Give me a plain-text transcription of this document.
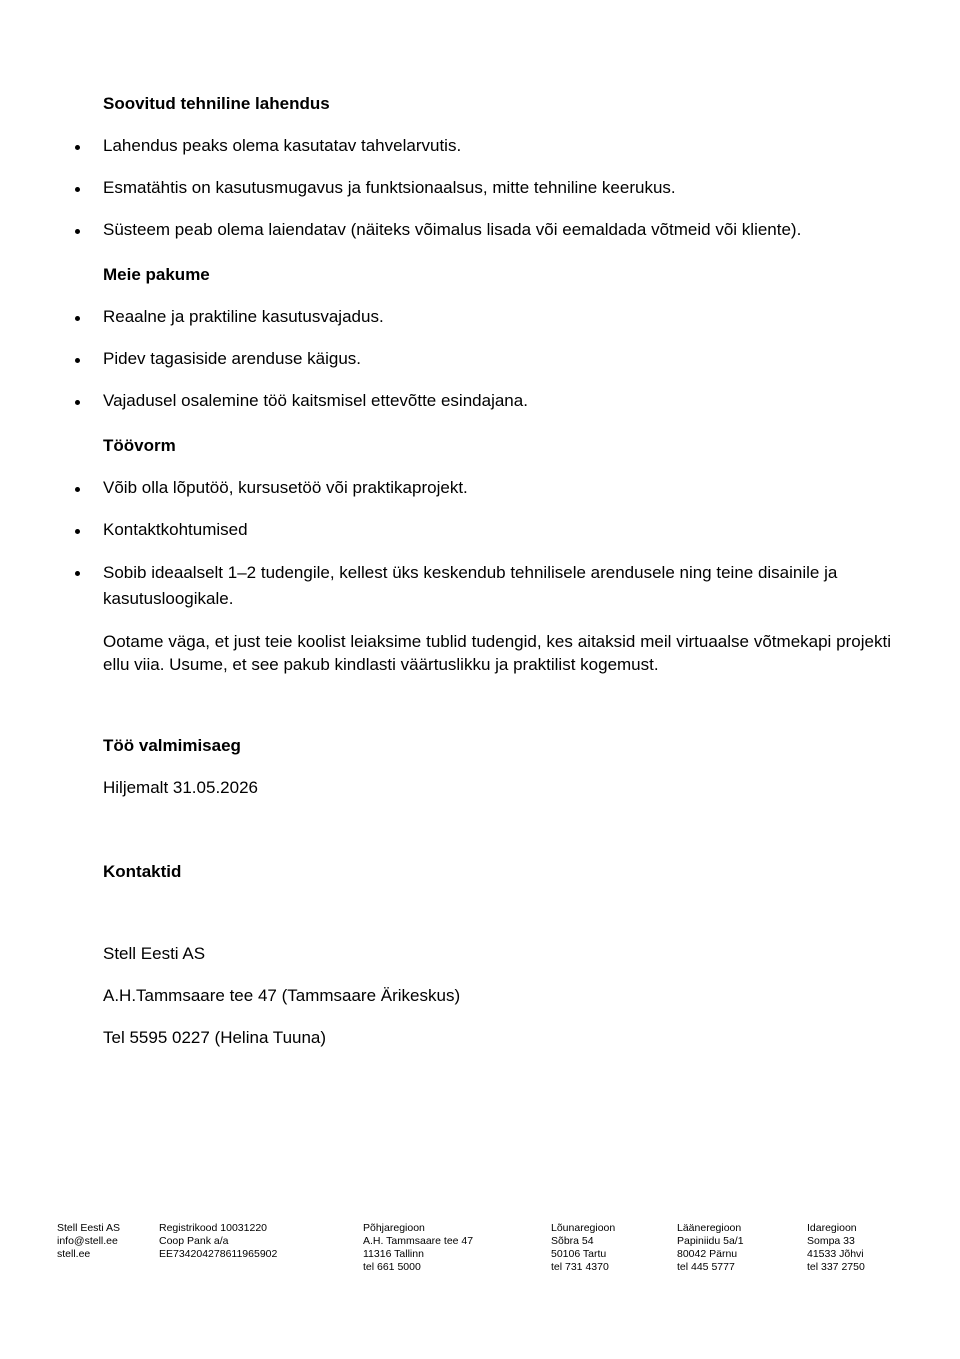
Soovitud tehniline lahendus
Lahendus peaks olema kasutatav tahvelarvutis.
Esmatähtis on kasutusmugavus ja funktsionaalsus, mitte tehniline keerukus.
Süsteem peab olema laiendatav (näiteks võimalus lisada või eemaldada võtmeid või kliente).
Meie pakume
Reaalne ja praktiline kasutusvajadus.
Pidev tagasiside arenduse käigus.
Vajadusel osalemine töö kaitsmisel ettevõtte esindajana.
Töövorm
Võib olla lõputöö, kursusetöö või praktikaprojekt.
Kontaktkohtumised
Sobib ideaalselt 1–2 tudengile, kellest üks keskendub tehnilisele arendusele ning teine disainile ja kasutusloogikale.

Ootame väga, et just teie koolist leiaksime tublid tudengid, kes aitaksid meil virtuaalse võtmekapi projekti ellu viia. Usume, et see pakub kindlasti väärtuslikku ja praktilist kogemust.

Töö valmimisaeg

Hiljemalt 31.05.2026

Kontaktid

Stell Eesti AS

A.H.Tammsaare tee 47 (Tammsaare Ärikeskus)

Tel 5595 0227 (Helina Tuuna)

Stell Eesti AS
info@stell.ee
stell.ee
Registrikood 10031220
Coop Pank a/a
EE734204278611965902
Põhjaregioon
A.H. Tammsaare tee 47
11316 Tallinn
tel 661 5000
Lõunaregioon
Sõbra 54
50106 Tartu
tel 731 4370
Lääneregioon
Papiniidu 5a/1
80042 Pärnu
tel 445 5777
Idaregioon
Sompa 33
41533 Jõhvi
tel 337 2750
